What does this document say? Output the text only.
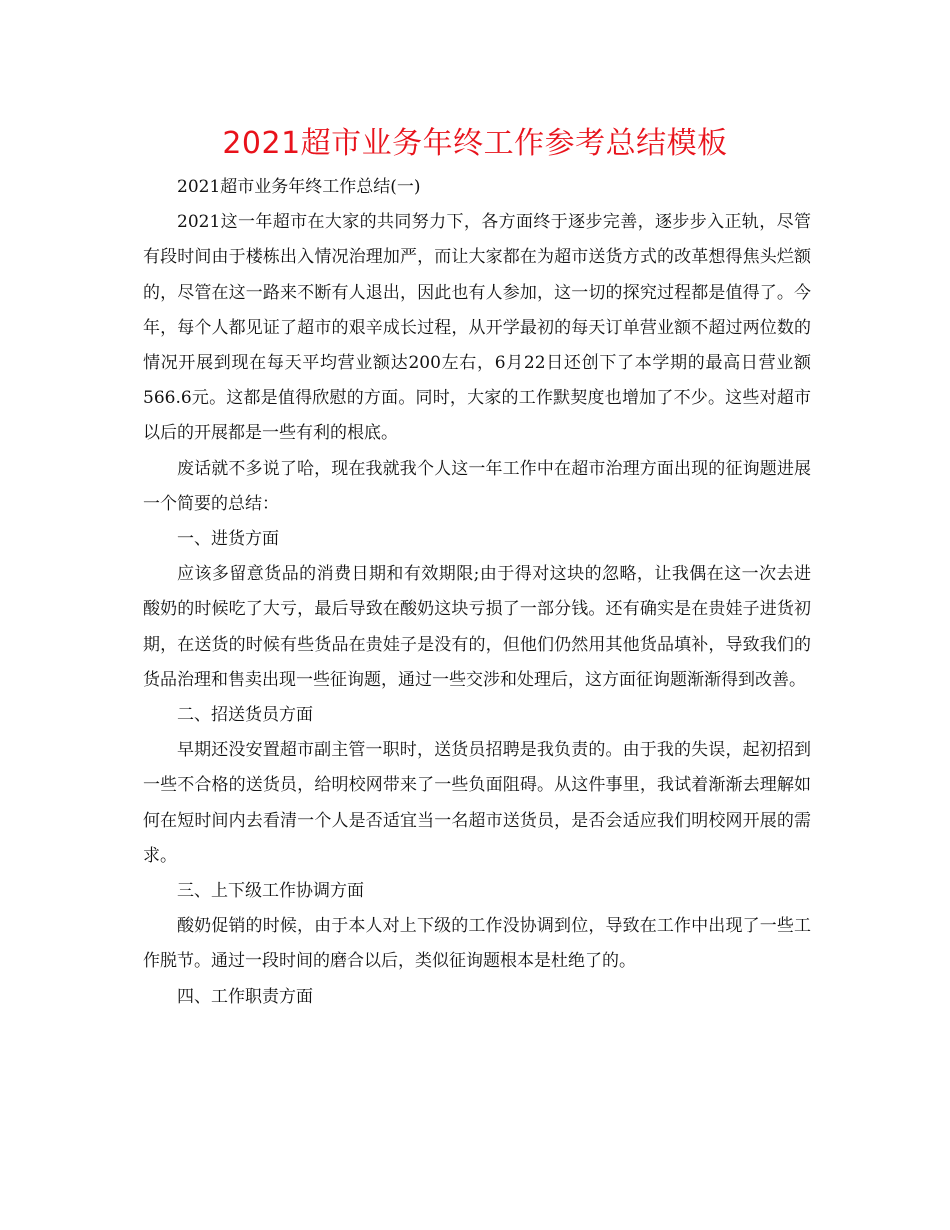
2021超市业务年终工作参考总结模板

2021超市业务年终工作总结(一)

2021这一年超市在大家的共同努力下，各方面终于逐步完善，逐步步入正轨，尽管有段时间由于楼栋出入情况治理加严，而让大家都在为超市送货方式的改革想得焦头烂额的，尽管在这一路来不断有人退出，因此也有人参加，这一切的探究过程都是值得了。今年，每个人都见证了超市的艰辛成长过程，从开学最初的每天订单营业额不超过两位数的情况开展到现在每天平均营业额达200左右，6月22日还创下了本学期的最高日营业额566.6元。这都是值得欣慰的方面。同时，大家的工作默契度也增加了不少。这些对超市以后的开展都是一些有利的根底。

废话就不多说了哈，现在我就我个人这一年工作中在超市治理方面出现的征询题进展一个简要的总结：

一、进货方面

应该多留意货品的消费日期和有效期限;由于得对这块的忽略，让我偶在这一次去进酸奶的时候吃了大亏，最后导致在酸奶这块亏损了一部分钱。还有确实是在贵娃子进货初期，在送货的时候有些货品在贵娃子是没有的，但他们仍然用其他货品填补，导致我们的货品治理和售卖出现一些征询题，通过一些交涉和处理后，这方面征询题渐渐得到改善。

二、招送货员方面

早期还没安置超市副主管一职时，送货员招聘是我负责的。由于我的失误，起初招到一些不合格的送货员，给明校网带来了一些负面阻碍。从这件事里，我试着渐渐去理解如何在短时间内去看清一个人是否适宜当一名超市送货员，是否会适应我们明校网开展的需求。

三、上下级工作协调方面

酸奶促销的时候，由于本人对上下级的工作没协调到位，导致在工作中出现了一些工作脱节。通过一段时间的磨合以后，类似征询题根本是杜绝了的。

四、工作职责方面
